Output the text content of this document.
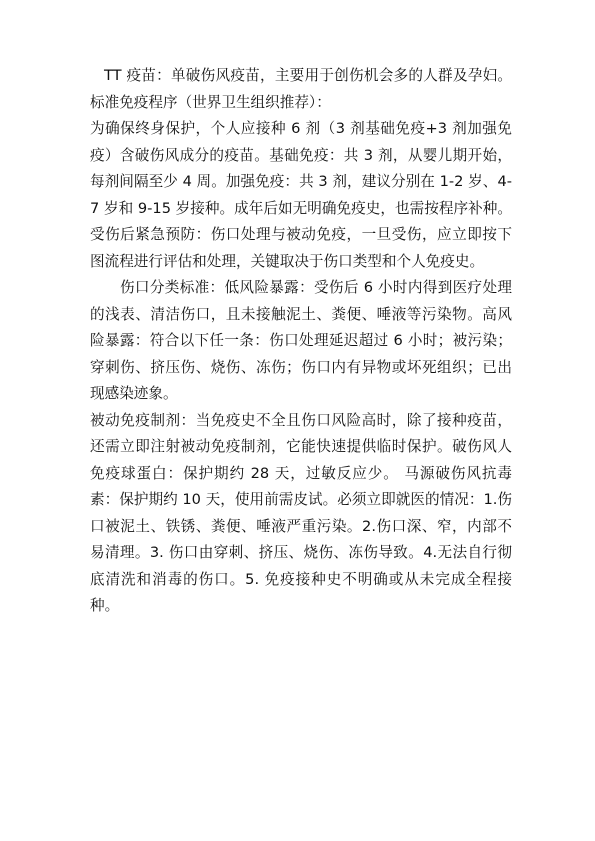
TT 疫苗：单破伤风疫苗，主要用于创伤机会多的人群及孕妇。标准免疫程序（世界卫生组织推荐）：

为确保终身保护，个人应接种 6 剂（3 剂基础免疫+3 剂加强免疫）含破伤风成分的疫苗。基础免疫：共 3 剂，从婴儿期开始，每剂间隔至少 4 周。加强免疫：共 3 剂，建议分别在 1-2 岁、4-7 岁和 9-15 岁接种。成年后如无明确免疫史，也需按程序补种。受伤后紧急预防：伤口处理与被动免疫，一旦受伤，应立即按下图流程进行评估和处理，关键取决于伤口类型和个人免疫史。

伤口分类标准：低风险暴露：受伤后 6 小时内得到医疗处理的浅表、清洁伤口，且未接触泥土、粪便、唾液等污染物。高风险暴露：符合以下任一条：伤口处理延迟超过 6 小时；被污染；穿刺伤、挤压伤、烧伤、冻伤；伤口内有异物或坏死组织；已出现感染迹象。

被动免疫制剂：当免疫史不全且伤口风险高时，除了接种疫苗，还需立即注射被动免疫制剂，它能快速提供临时保护。破伤风人免疫球蛋白：保护期约 28 天，过敏反应少。 马源破伤风抗毒素：保护期约 10 天，使用前需皮试。必须立即就医的情况：1.伤口被泥土、铁锈、粪便、唾液严重污染。2.伤口深、窄，内部不易清理。3. 伤口由穿刺、挤压、烧伤、冻伤导致。4.无法自行彻底清洗和消毒的伤口。5. 免疫接种史不明确或从未完成全程接种。
